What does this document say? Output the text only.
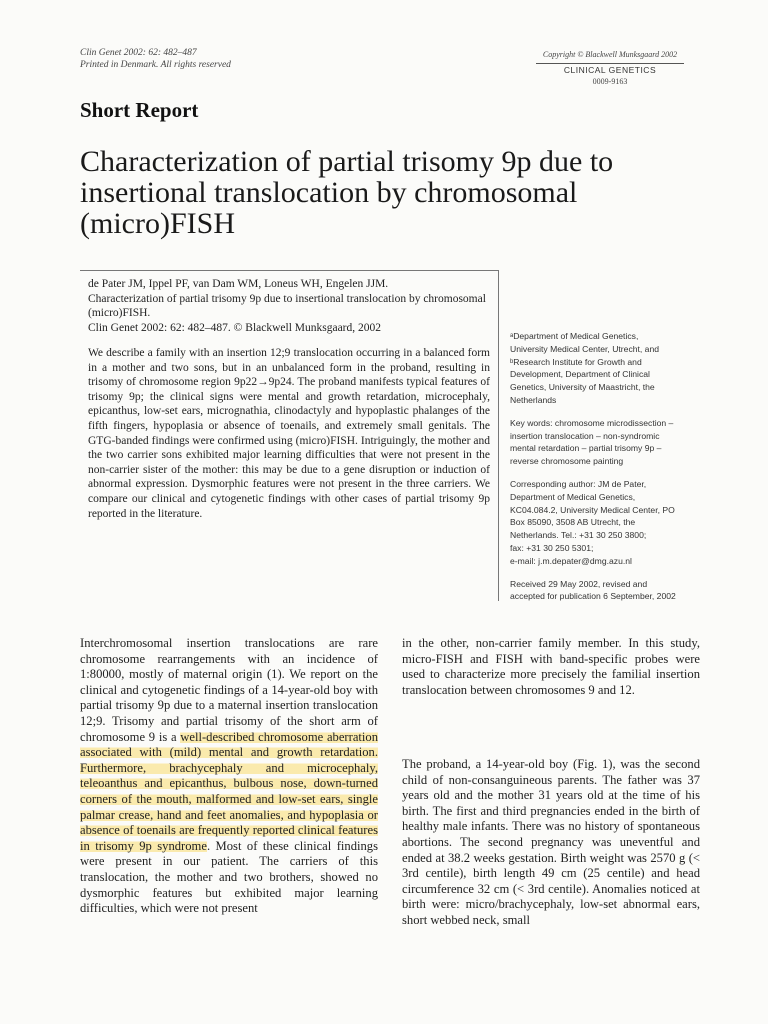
Clin Genet 2002: 62: 482–487
Printed in Denmark. All rights reserved
Copyright © Blackwell Munksgaard 2002
CLINICAL GENETICS
0009-9163
Short Report
Characterization of partial trisomy 9p due to insertional translocation by chromosomal (micro)FISH
de Pater JM, Ippel PF, van Dam WM, Loneus WH, Engelen JJM.
Characterization of partial trisomy 9p due to insertional translocation by chromosomal (micro)FISH.
Clin Genet 2002: 62: 482–487. © Blackwell Munksgaard, 2002
We describe a family with an insertion 12;9 translocation occurring in a balanced form in a mother and two sons, but in an unbalanced form in the proband, resulting in trisomy of chromosome region 9p22→9p24. The proband manifests typical features of trisomy 9p; the clinical signs were mental and growth retardation, microcephaly, epicanthus, low-set ears, micrognathia, clinodactyly and hypoplastic phalanges of the fifth fingers, hypoplasia or absence of toenails, and extremely small genitals. The GTG-banded findings were confirmed using (micro)FISH. Intriguingly, the mother and the two carrier sons exhibited major learning difficulties that were not present in the non-carrier sister of the mother: this may be due to a gene disruption or induction of abnormal expression. Dysmorphic features were not present in the three carriers. We compare our clinical and cytogenetic findings with other cases of partial trisomy 9p reported in the literature.

ᵃDepartment of Medical Genetics,
University Medical Center, Utrecht, and
ᵇResearch Institute for Growth and
Development, Department of Clinical
Genetics, University of Maastricht, the
Netherlands

Key words: chromosome microdissection –
insertion translocation – non-syndromic
mental retardation – partial trisomy 9p –
reverse chromosome painting

Corresponding author: JM de Pater,
Department of Medical Genetics,
KC04.084.2, University Medical Center, PO
Box 85090, 3508 AB Utrecht, the
Netherlands. Tel.: +31 30 250 3800;
fax: +31 30 250 5301;
e-mail: j.m.depater@dmg.azu.nl

Received 29 May 2002, revised and
accepted for publication 6 September, 2002

Interchromosomal insertion translocations are rare chromosome rearrangements with an incidence of 1:80000, mostly of maternal origin (1). We report on the clinical and cytogenetic findings of a 14-year-old boy with partial trisomy 9p due to a maternal insertion translocation 12;9. Trisomy and partial trisomy of the short arm of chromosome 9 is a well-described chromosome aberration associated with (mild) mental and growth retardation. Furthermore, brachycephaly and microcephaly, teleoanthus and epicanthus, bulbous nose, down-turned corners of the mouth, malformed and low-set ears, single palmar crease, hand and feet anomalies, and hypoplasia or absence of toenails are frequently reported clinical features in trisomy 9p syndrome. Most of these clinical findings were present in our patient. The carriers of this translocation, the mother and two brothers, showed no dysmorphic features but exhibited major learning difficulties, which were not present
in the other, non-carrier family member. In this study, micro-FISH and FISH with band-specific probes were used to characterize more precisely the familial insertion translocation between chromosomes 9 and 12.
The proband, a 14-year-old boy (Fig. 1), was the second child of non-consanguineous parents. The father was 37 years old and the mother 31 years old at the time of his birth. The first and third pregnancies ended in the birth of healthy male infants. There was no history of spontaneous abortions. The second pregnancy was uneventful and ended at 38.2 weeks gestation. Birth weight was 2570 g (< 3rd centile), birth length 49 cm (25 centile) and head circumference 32 cm (< 3rd centile). Anomalies noticed at birth were: micro/brachycephaly, low-set abnormal ears, short webbed neck, small
